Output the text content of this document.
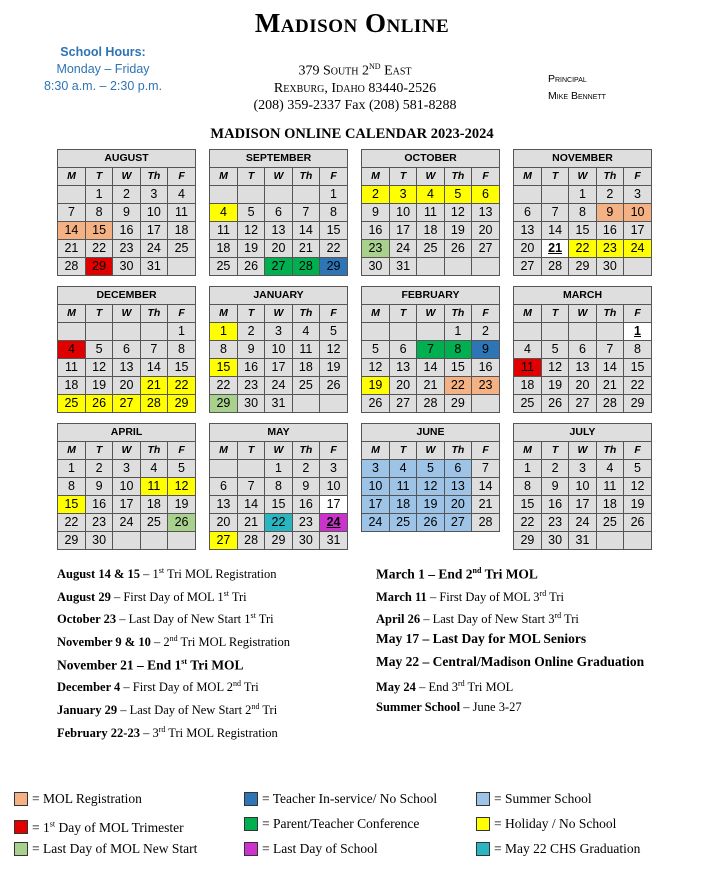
Madison Online
School Hours:
Monday – Friday
8:30 a.m. – 2:30 p.m.
379 South 2ND East
Rexburg, Idaho 83440-2526
(208) 359-2337 Fax (208) 581-8288
Principal
Mike Bennett
MADISON ONLINE CALENDAR 2023-2024
AUGUST
M	T	W	Th	F
	1	2	3	4
7	8	9	10	11
14	15	16	17	18
21	22	23	24	25
28	29	30	31	
SEPTEMBER
M	T	W	Th	F
				1
4	5	6	7	8
11	12	13	14	15
18	19	20	21	22
25	26	27	28	29
OCTOBER
M	T	W	Th	F
2	3	4	5	6
9	10	11	12	13
16	17	18	19	20
23	24	25	26	27
30	31			
NOVEMBER
M	T	W	Th	F
		1	2	3
6	7	8	9	10
13	14	15	16	17
20	21	22	23	24
27	28	29	30	
DECEMBER
M	T	W	Th	F
				1
4	5	6	7	8
11	12	13	14	15
18	19	20	21	22
25	26	27	28	29
JANUARY
M	T	W	Th	F
1	2	3	4	5
8	9	10	11	12
15	16	17	18	19
22	23	24	25	26
29	30	31		
FEBRUARY
M	T	W	Th	F
			1	2
5	6	7	8	9
12	13	14	15	16
19	20	21	22	23
26	27	28	29	
MARCH
M	T	W	Th	F
				1
4	5	6	7	8
11	12	13	14	15
18	19	20	21	22
25	26	27	28	29
APRIL
M	T	W	Th	F
1	2	3	4	5
8	9	10	11	12
15	16	17	18	19
22	23	24	25	26
29	30			
MAY
M	T	W	Th	F
		1	2	3
6	7	8	9	10
13	14	15	16	17
20	21	22	23	24
27	28	29	30	31
JUNE
M	T	W	Th	F
3	4	5	6	7
10	11	12	13	14
17	18	19	20	21
24	25	26	27	28
JULY
M	T	W	Th	F
1	2	3	4	5
8	9	10	11	12
15	16	17	18	19
22	23	24	25	26
29	30	31		
August 14 & 15 – 1st Tri MOL Registration
August 29 – First Day of MOL 1st Tri
October 23 – Last Day of New Start 1st Tri
November 9 & 10 – 2nd Tri MOL Registration
November 21 – End 1st Tri MOL
December 4 – First Day of MOL 2nd Tri
January 29 – Last Day of New Start 2nd Tri
February 22-23 – 3rd Tri MOL Registration
March 1 – End 2nd Tri MOL
March 11 – First Day of MOL 3rd Tri
April 26 – Last Day of New Start 3rd Tri
May 17 – Last Day for MOL Seniors
May 22 – Central/Madison Online Graduation
May 24 – End 3rd Tri MOL
Summer School – June 3-27
= MOL Registration
= 1st Day of MOL Trimester
= Last Day of MOL New Start
= Teacher In-service/ No School
= Parent/Teacher Conference
= Last Day of School
= Summer School
= Holiday / No School
= May 22 CHS Graduation
